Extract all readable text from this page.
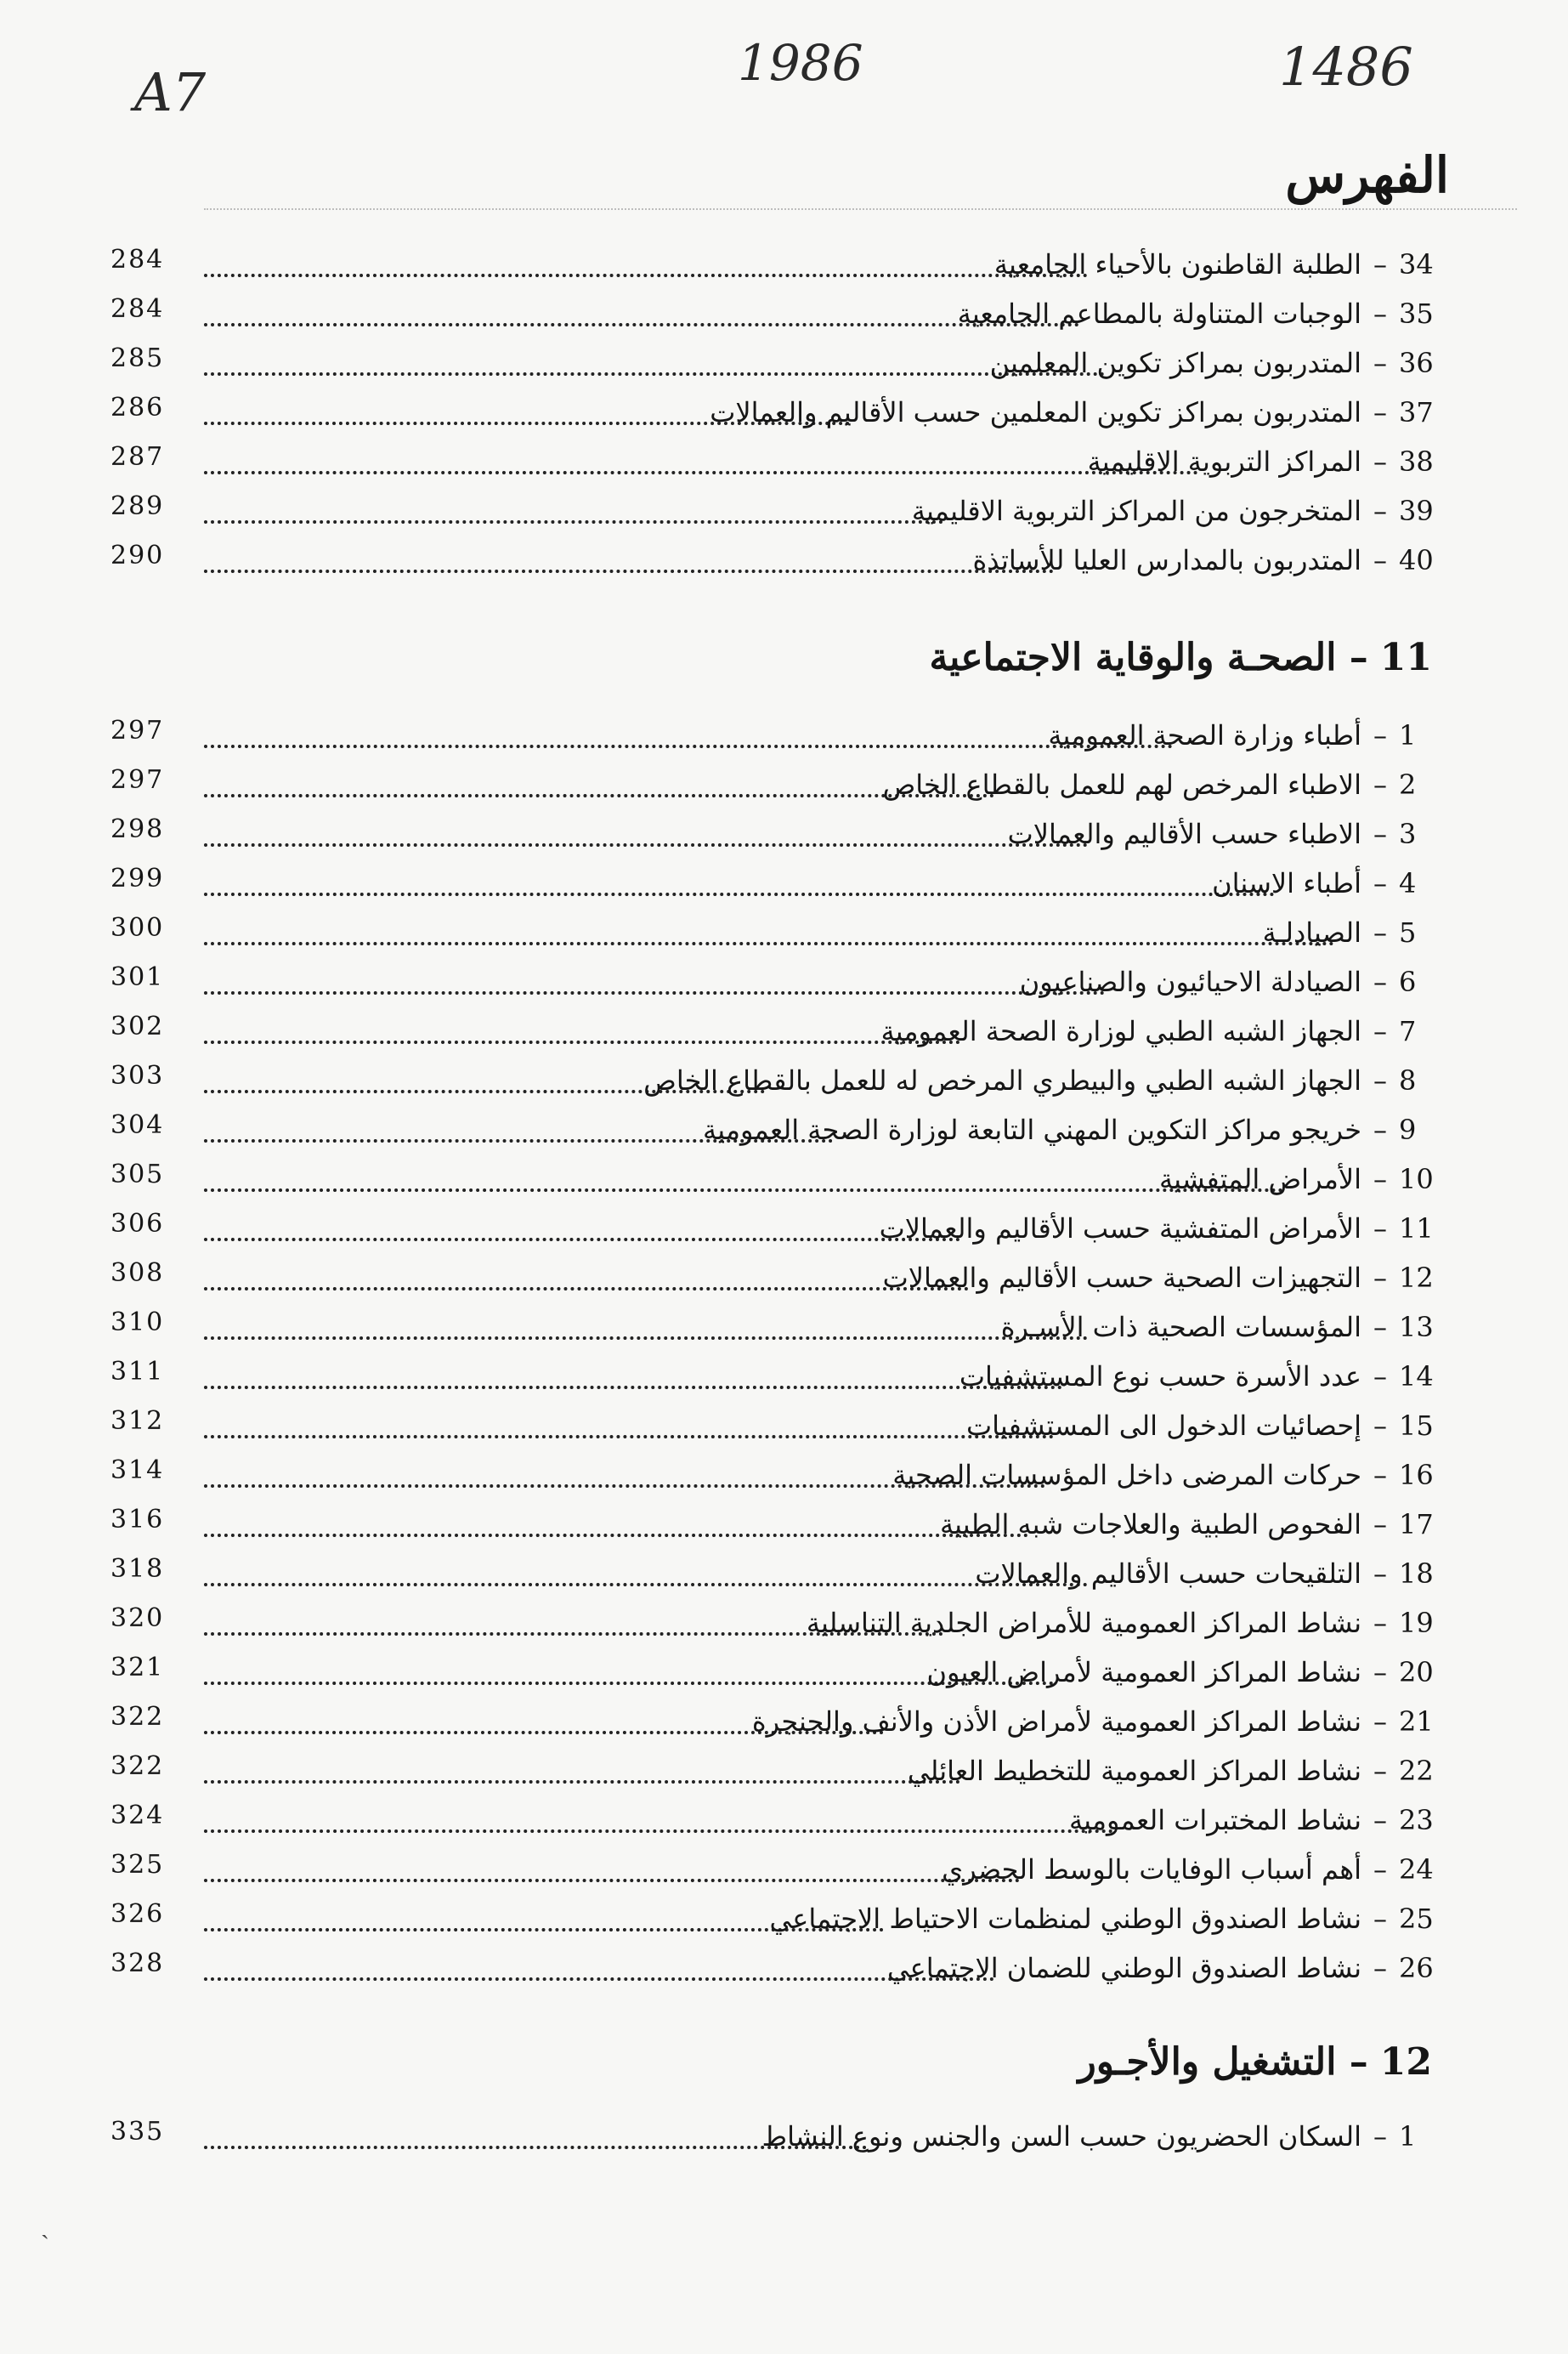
A7	1986	1486
الفهرس
284	34–الطلبة القاطنون بالأحياء الجامعية
284	35–الوجبات المتناولة بالمطاعم الجامعية
285	36–المتدربون بمراكز تكوين المعلمين
286	37–المتدربون بمراكز تكوين المعلمين حسب الأقاليم والعمالات
287	38–المراكز التربوية الاقليمية
289	39–المتخرجون من المراكز التربوية الاقليمية
290	40–المتدربون بالمدارس العليا للأساتذة
11– الصحـة والوقاية الاجتماعية
297	1–أطباء وزارة الصحة العمومية
297	2–الاطباء المرخص لهم للعمل بالقطاع الخاص
298	3–الاطباء حسب الأقاليم والعمالات
299	4–أطباء الاسنان
300	5–الصيادلـة
301	6–الصيادلة الاحيائيون والصناعيون
302	7–الجهاز الشبه الطبي لوزارة الصحة العمومية
303	8–الجهاز الشبه الطبي والبيطري المرخص له للعمل بالقطاع الخاص
304	9–خريجو مراكز التكوين المهني التابعة لوزارة الصحة العمومية
305	10–الأمراض المتفشية
306	11–الأمراض المتفشية حسب الأقاليم والعمالات
308	12–التجهيزات الصحية حسب الأقاليم والعمالات
310	13–المؤسسات الصحية ذات الأسـرة
311	14–عدد الأسرة حسب نوع المستشفيات
312	15–إحصائيات الدخول الى المستشفيات
314	16–حركات المرضى داخل المؤسسات الصحية
316	17–الفحوص الطبية والعلاجات شبه الطبية
318	18–التلقيحات حسب الأقاليم والعمالات
320	19–نشاط المراكز العمومية للأمراض الجلدية التناسلية
321	20–نشاط المراكز العمومية لأمراض العيون
322	21–نشاط المراكز العمومية لأمراض الأذن والأنف والحنجرة
322	22–نشاط المراكز العمومية للتخطيط العائلي
324	23–نشاط المختبرات العمومية
325	24–أهم أسباب الوفايات بالوسط الحضري
326	25–نشاط الصندوق الوطني لمنظمات الاحتياط الاجتماعي
328	26–نشاط الصندوق الوطني للضمان الاجتماعي
12– التشغيل والأجـور
335	1–السكان الحضريون حسب السن والجنس ونوع النشاط
ˎ
